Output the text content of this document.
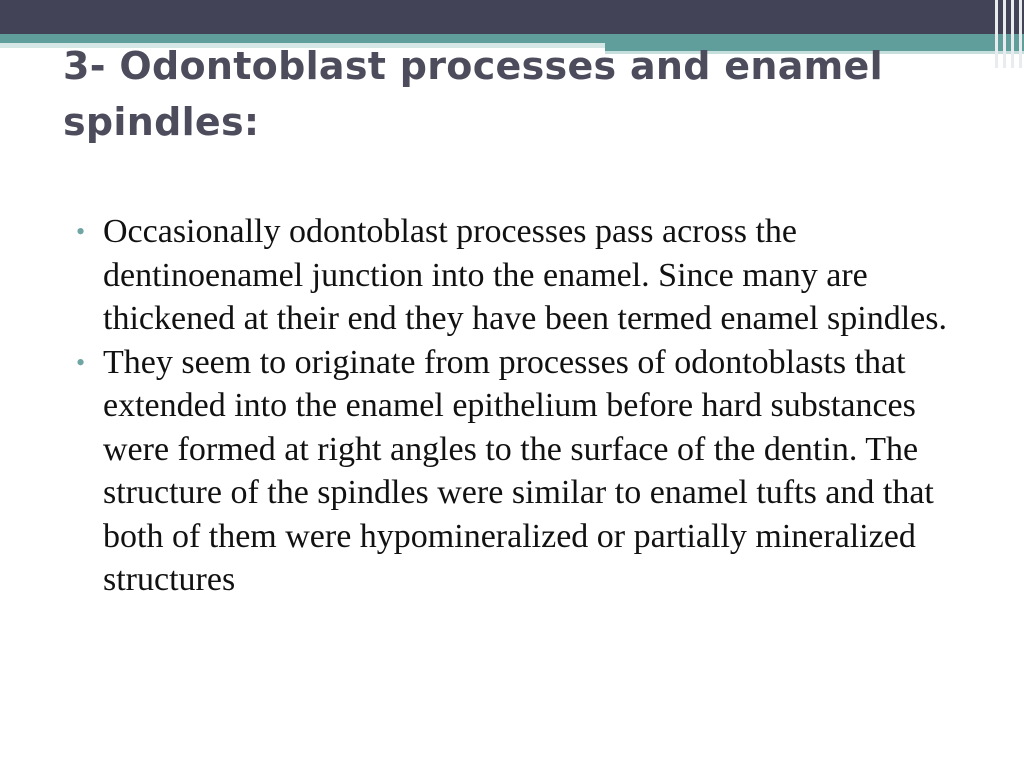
3- Odontoblast processes and enamel spindles:
• Occasionally odontoblast processes pass across the dentinoenamel junction into the enamel. Since many are thickened at their end they have been termed enamel spindles.
• They seem to originate from processes of odontoblasts that extended into the enamel epithelium before hard substances were formed at right angles to the surface of the dentin. The structure of the spindles were similar to enamel tufts and that both of them were hypomineralized or partially mineralized structures
